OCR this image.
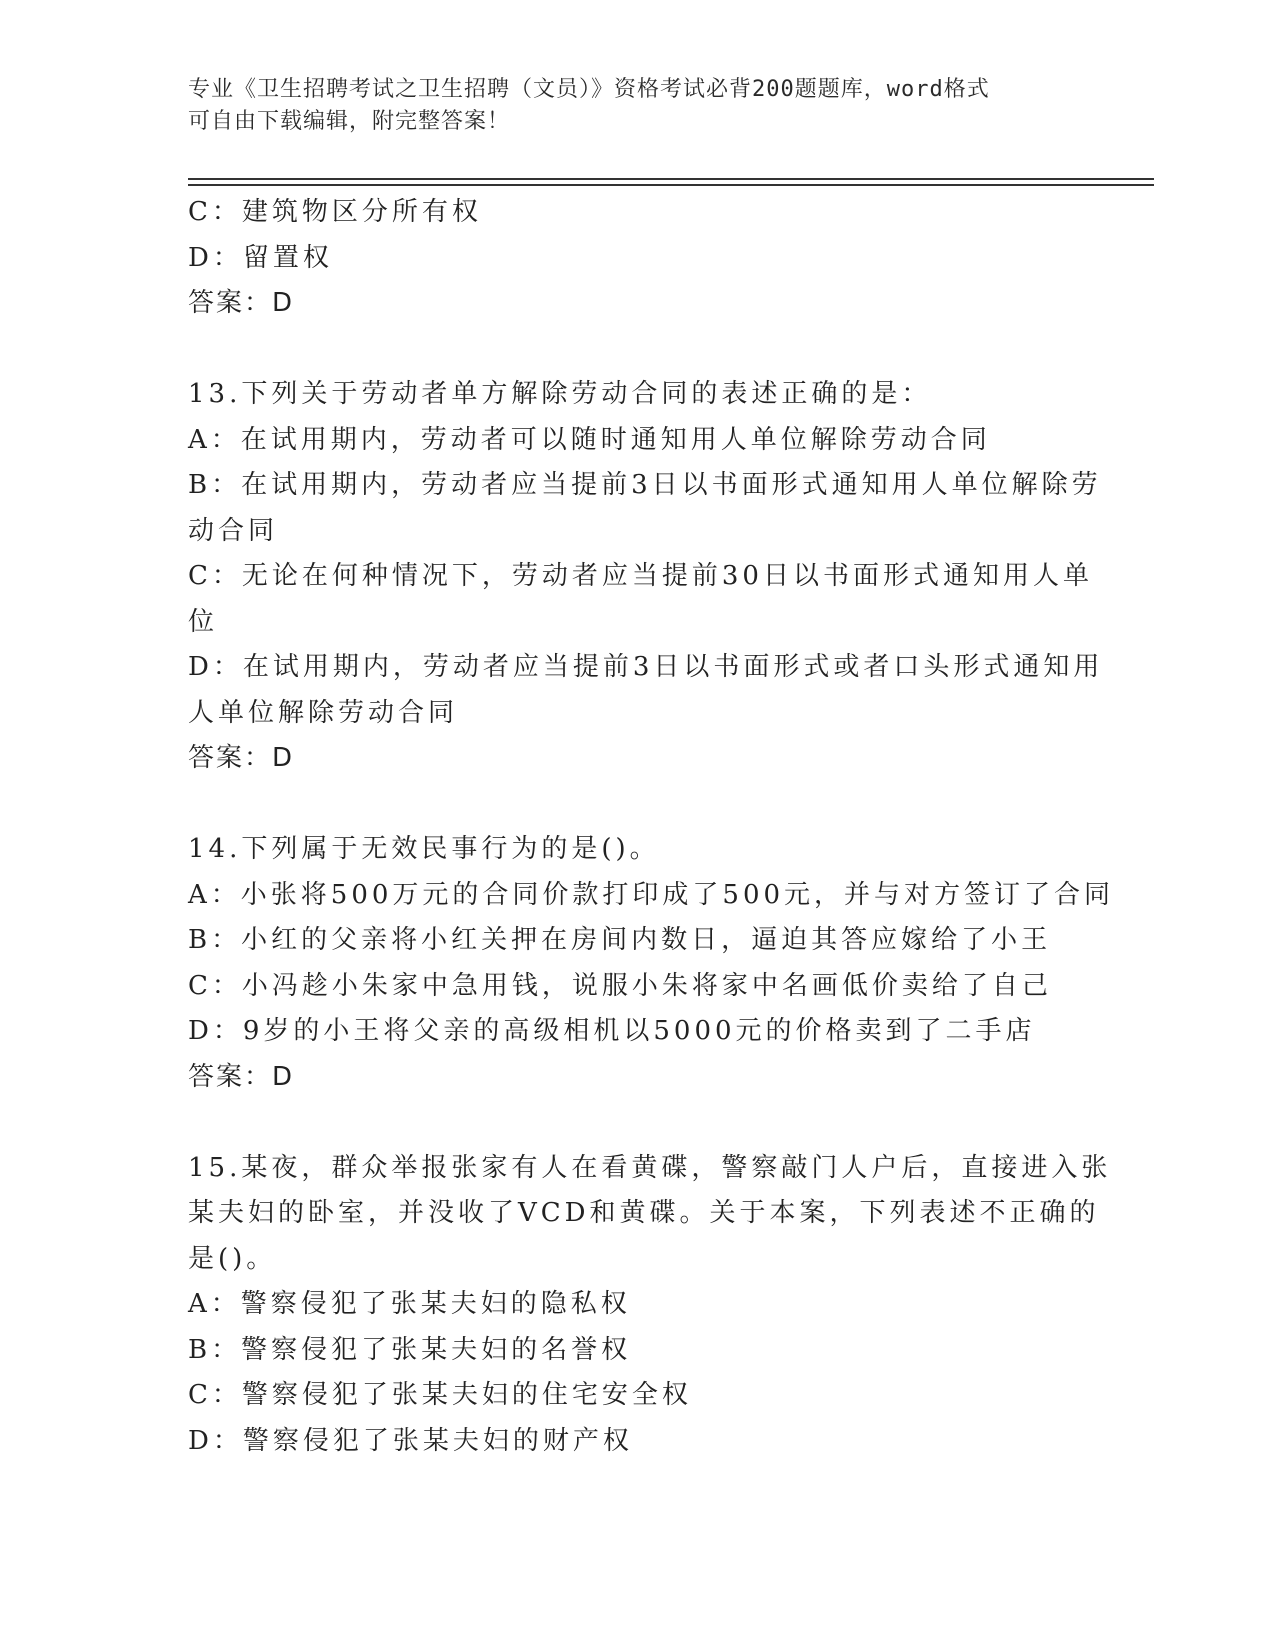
专业《卫生招聘考试之卫生招聘（文员）》资格考试必背200题题库，word格式
可自由下载编辑，附完整答案！
C：建筑物区分所有权
D：留置权
答案：D
13.下列关于劳动者单方解除劳动合同的表述正确的是：
A：在试用期内，劳动者可以随时通知用人单位解除劳动合同
B：在试用期内，劳动者应当提前3日以书面形式通知用人单位解除劳
动合同
C：无论在何种情况下，劳动者应当提前30日以书面形式通知用人单
位
D：在试用期内，劳动者应当提前3日以书面形式或者口头形式通知用
人单位解除劳动合同
答案：D
14.下列属于无效民事行为的是()。
A：小张将500万元的合同价款打印成了500元，并与对方签订了合同
B：小红的父亲将小红关押在房间内数日，逼迫其答应嫁给了小王
C：小冯趁小朱家中急用钱，说服小朱将家中名画低价卖给了自己
D：9岁的小王将父亲的高级相机以5000元的价格卖到了二手店
答案：D
15.某夜，群众举报张家有人在看黄碟，警察敲门人户后，直接进入张
某夫妇的卧室，并没收了VCD和黄碟。关于本案，下列表述不正确的
是()。
A：警察侵犯了张某夫妇的隐私权
B：警察侵犯了张某夫妇的名誉权
C：警察侵犯了张某夫妇的住宅安全权
D：警察侵犯了张某夫妇的财产权
